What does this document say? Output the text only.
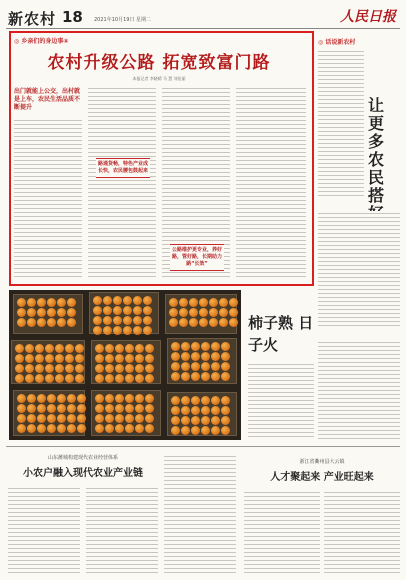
新农村 18 2021年10月19日 星期二	人民日报
◎ 乡亲们的身边事④
农村升级公路 拓宽致富门路
本报记者 李晓晴 马 慧 刘佳丽
出门就能上公交，出村就是上车，农民生活品质不断提升
路通货畅，特色产业成长快，农民腰包鼓起来
公路维护更专业，养好路，管好路，长期助力路“长效”
◎ 话说新农村
让更多农民搭
柿子熟 日子火
山东潍城构建现代农业经营体系
小农户融入现代农业产业链
浙江省衢州县大云镇
人才聚起来 产业旺起来
